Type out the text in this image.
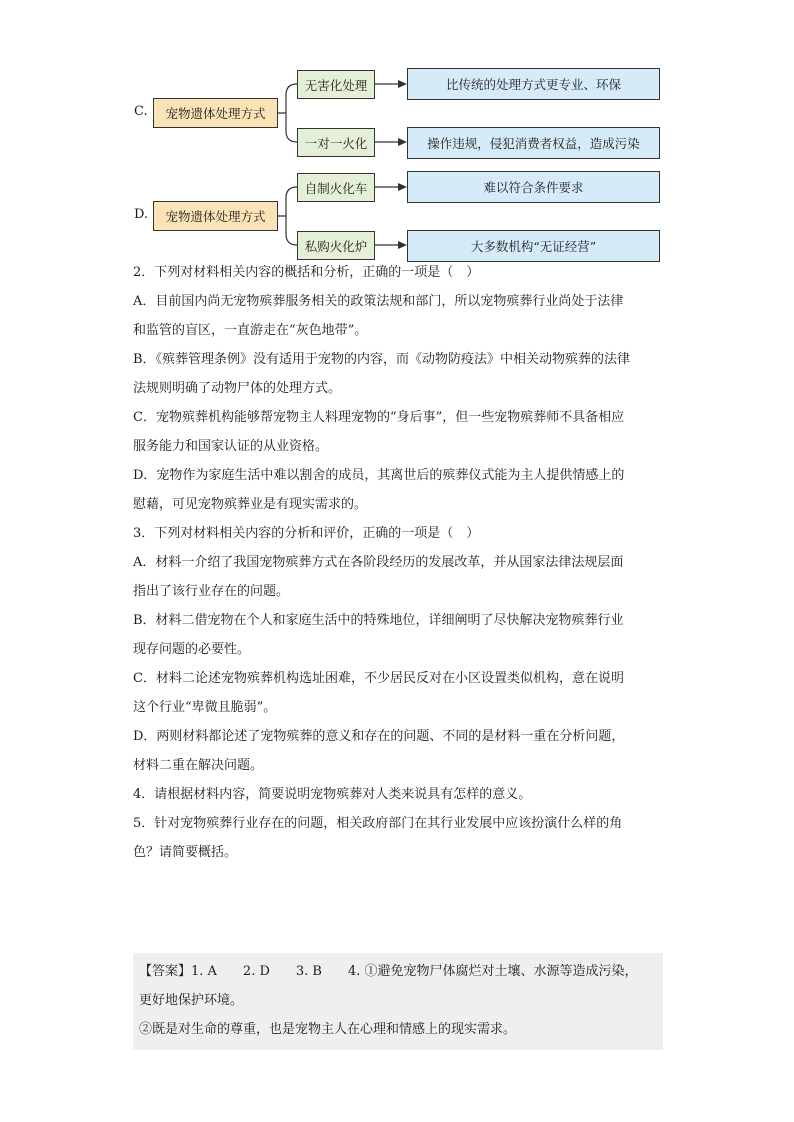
C.	宠物遗体处理方式
无害化处理
一对一火化
比传统的处理方式更专业、环保
操作违规，侵犯消费者权益，造成污染
D.	宠物遗体处理方式
自制火化车
私购火化炉
难以符合条件要求
大多数机构“无证经营”

2．下列对材料相关内容的概括和分析，正确的一项是（　）

A．目前国内尚无宠物殡葬服务相关的政策法规和部门，所以宠物殡葬行业尚处于法律

和监管的盲区，一直游走在“灰色地带”。

B．《殡葬管理条例》没有适用于宠物的内容，而《动物防疫法》中相关动物殡葬的法律

法规则明确了动物尸体的处理方式。

C．宠物殡葬机构能够帮宠物主人料理宠物的“身后事”，但一些宠物殡葬师不具备相应

服务能力和国家认证的从业资格。

D．宠物作为家庭生活中难以割舍的成员，其离世后的殡葬仪式能为主人提供情感上的

慰藉，可见宠物殡葬业是有现实需求的。

3．下列对材料相关内容的分析和评价，正确的一项是（　）

A．材料一介绍了我国宠物殡葬方式在各阶段经历的发展改革，并从国家法律法规层面

指出了该行业存在的问题。

B．材料二借宠物在个人和家庭生活中的特殊地位，详细阐明了尽快解决宠物殡葬行业

现存问题的必要性。

C．材料二论述宠物殡葬机构选址困难，不少居民反对在小区设置类似机构，意在说明

这个行业“卑微且脆弱”。

D．两则材料都论述了宠物殡葬的意义和存在的问题、不同的是材料一重在分析问题，

材料二重在解决问题。

4．请根据材料内容，简要说明宠物殡葬对人类来说具有怎样的意义。

5．针对宠物殡葬行业存在的问题，相关政府部门在其行业发展中应该扮演什么样的角

色？请简要概括。

【答案】1. A　　2. D　　3. B　　4. ①避免宠物尸体腐烂对土壤、水源等造成污染，

更好地保护环境。

②既是对生命的尊重，也是宠物主人在心理和情感上的现实需求。
